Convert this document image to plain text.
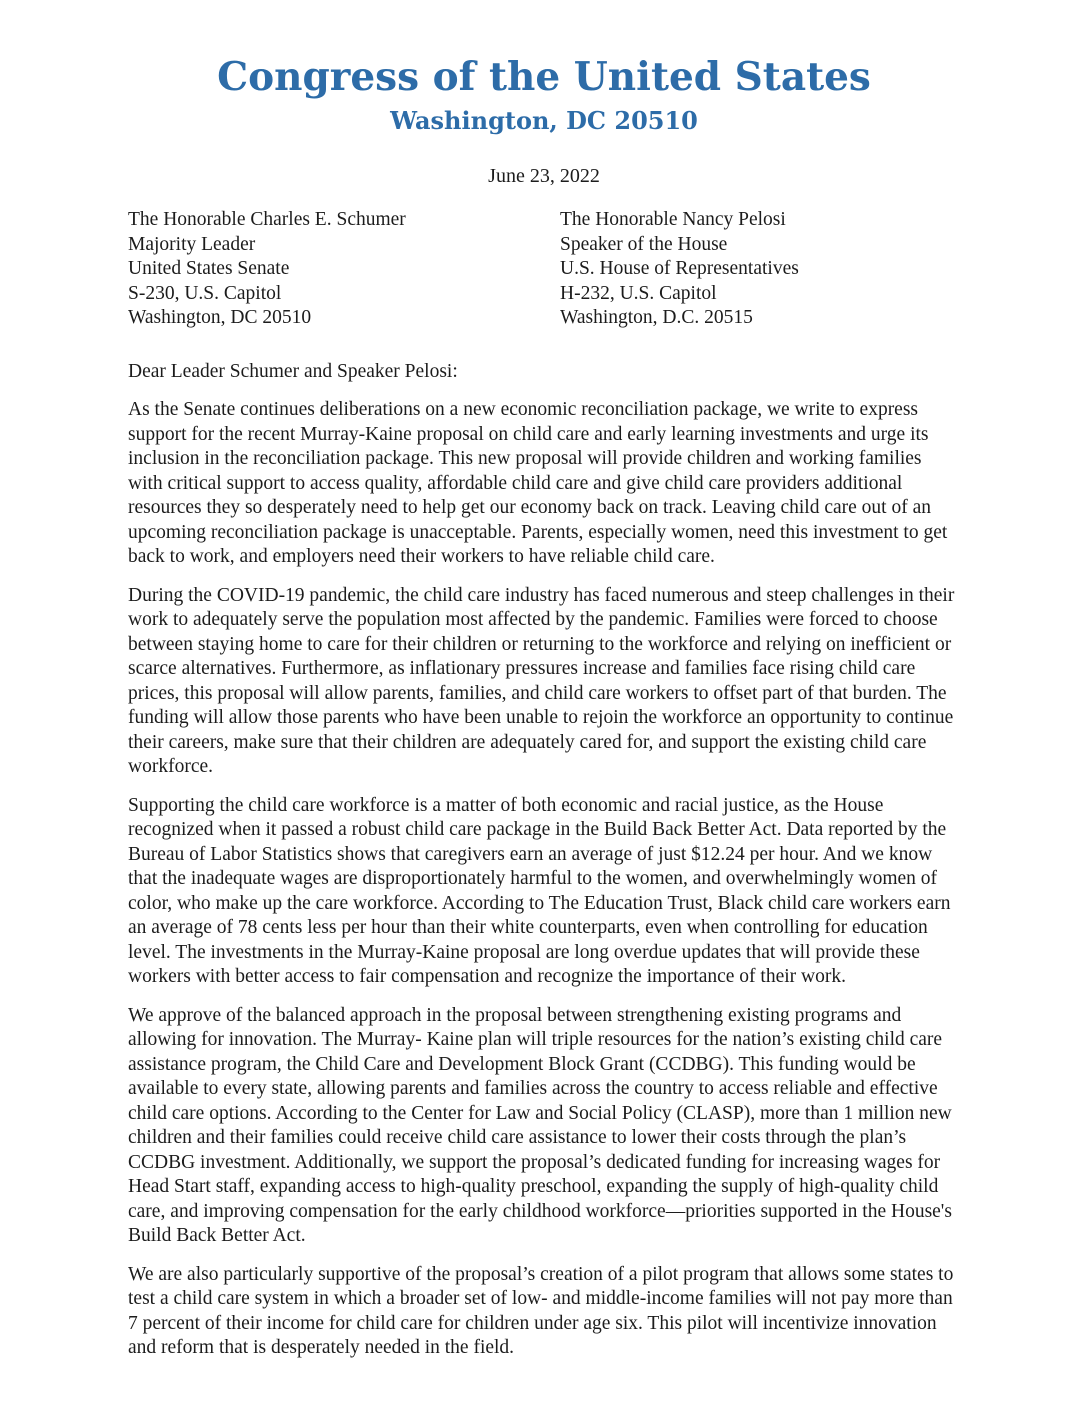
Congress of the United States
Washington, DC 20510
June 23, 2022
The Honorable Charles E. Schumer
Majority Leader
United States Senate
S-230, U.S. Capitol
Washington, DC 20510
The Honorable Nancy Pelosi
Speaker of the House
U.S. House of Representatives
H-232, U.S. Capitol
Washington, D.C. 20515
Dear Leader Schumer and Speaker Pelosi:

As the Senate continues deliberations on a new economic reconciliation package, we write to express support for the recent Murray-Kaine proposal on child care and early learning investments and urge its inclusion in the reconciliation package. This new proposal will provide children and working families with critical support to access quality, affordable child care and give child care providers additional resources they so desperately need to help get our economy back on track. Leaving child care out of an upcoming reconciliation package is unacceptable. Parents, especially women, need this investment to get back to work, and employers need their workers to have reliable child care.

During the COVID-19 pandemic, the child care industry has faced numerous and steep challenges in their work to adequately serve the population most affected by the pandemic. Families were forced to choose between staying home to care for their children or returning to the workforce and relying on inefficient or scarce alternatives. Furthermore, as inflationary pressures increase and families face rising child care prices, this proposal will allow parents, families, and child care workers to offset part of that burden. The funding will allow those parents who have been unable to rejoin the workforce an opportunity to continue their careers, make sure that their children are adequately cared for, and support the existing child care workforce.

Supporting the child care workforce is a matter of both economic and racial justice, as the House recognized when it passed a robust child care package in the Build Back Better Act. Data reported by the Bureau of Labor Statistics shows that caregivers earn an average of just $12.24 per hour. And we know that the inadequate wages are disproportionately harmful to the women, and overwhelmingly women of color, who make up the care workforce. According to The Education Trust, Black child care workers earn an average of 78 cents less per hour than their white counterparts, even when controlling for education level. The investments in the Murray-Kaine proposal are long overdue updates that will provide these workers with better access to fair compensation and recognize the importance of their work.

We approve of the balanced approach in the proposal between strengthening existing programs and allowing for innovation. The Murray- Kaine plan will triple resources for the nation’s existing child care assistance program, the Child Care and Development Block Grant (CCDBG). This funding would be available to every state, allowing parents and families across the country to access reliable and effective child care options. According to the Center for Law and Social Policy (CLASP), more than 1 million new children and their families could receive child care assistance to lower their costs through the plan’s CCDBG investment. Additionally, we support the proposal’s dedicated funding for increasing wages for Head Start staff, expanding access to high-quality preschool, expanding the supply of high-quality child care, and improving compensation for the early childhood workforce—priorities supported in the House's Build Back Better Act.

We are also particularly supportive of the proposal’s creation of a pilot program that allows some states to test a child care system in which a broader set of low- and middle-income families will not pay more than 7 percent of their income for child care for children under age six. This pilot will incentivize innovation and reform that is desperately needed in the field.
